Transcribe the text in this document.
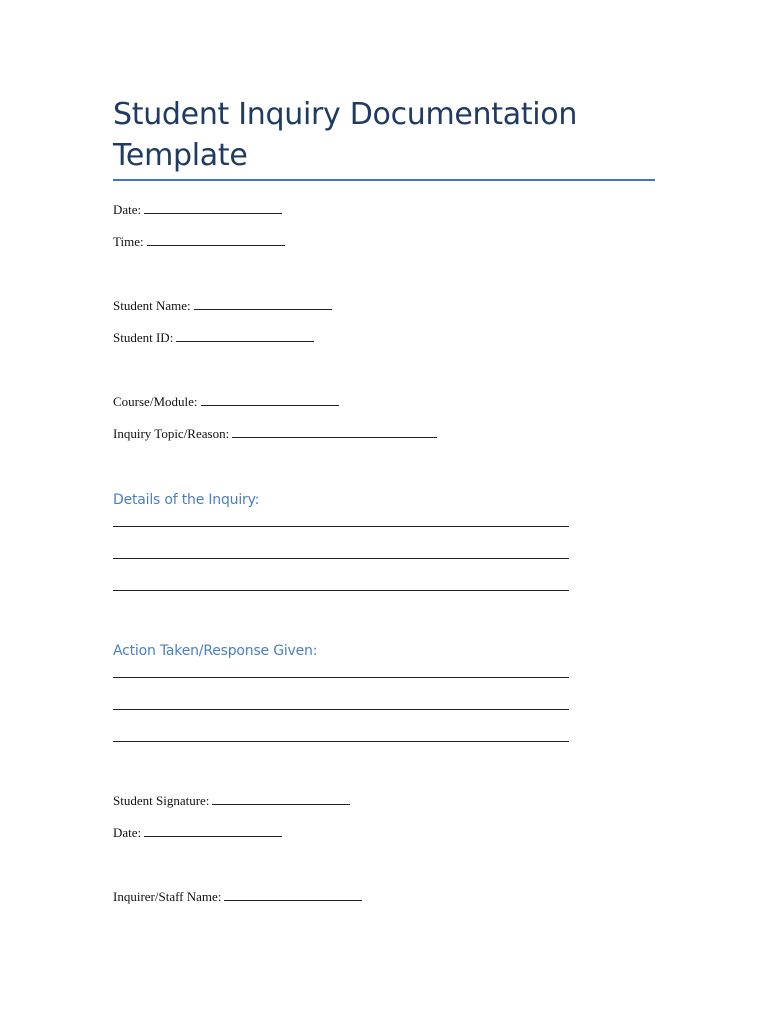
Student Inquiry Documentation Template
Date:
Time:
Student Name:
Student ID:
Course/Module:
Inquiry Topic/Reason:
Details of the Inquiry:
Action Taken/Response Given:
Student Signature:
Date:
Inquirer/Staff Name:
